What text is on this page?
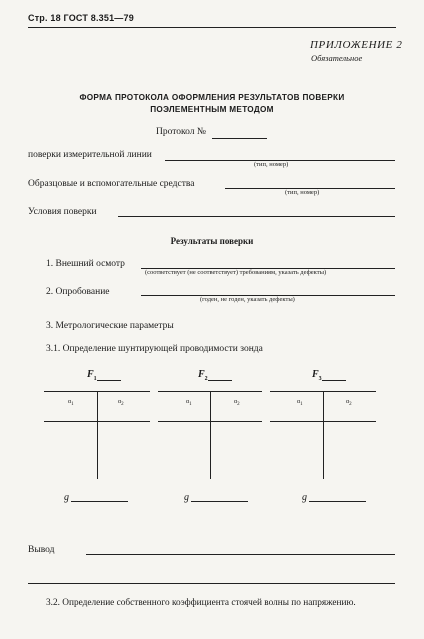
Стр. 18 ГОСТ 8.351—79
ПРИЛОЖЕНИЕ 2
Обязательное
ФОРМА ПРОТОКОЛА ОФОРМЛЕНИЯ РЕЗУЛЬТАТОВ ПОВЕРКИ
ПОЭЛЕМЕНТНЫМ МЕТОДОМ
Протокол №
поверки измерительной линии
(тип, номер)
Образцовые и вспомогательные средства
(тип, номер)
Условия поверки
Результаты поверки
1. Внешний осмотр
(соответствует (не соответствует) требованиям, указать дефекты)
2. Опробование
(годен, не годен, указать дефекты)
3. Метрологические параметры
3.1. Определение шунтирующей проводимости зонда
$F_1$
$\alpha_1$	$\alpha_2$
g
$F_2$
$\alpha_1$	$\alpha_2$
g
$F_3$
$\alpha_1$	$\alpha_2$
g
Вывод
3.2. Определение собственного коэффициента стоячей волны по напряжению.
